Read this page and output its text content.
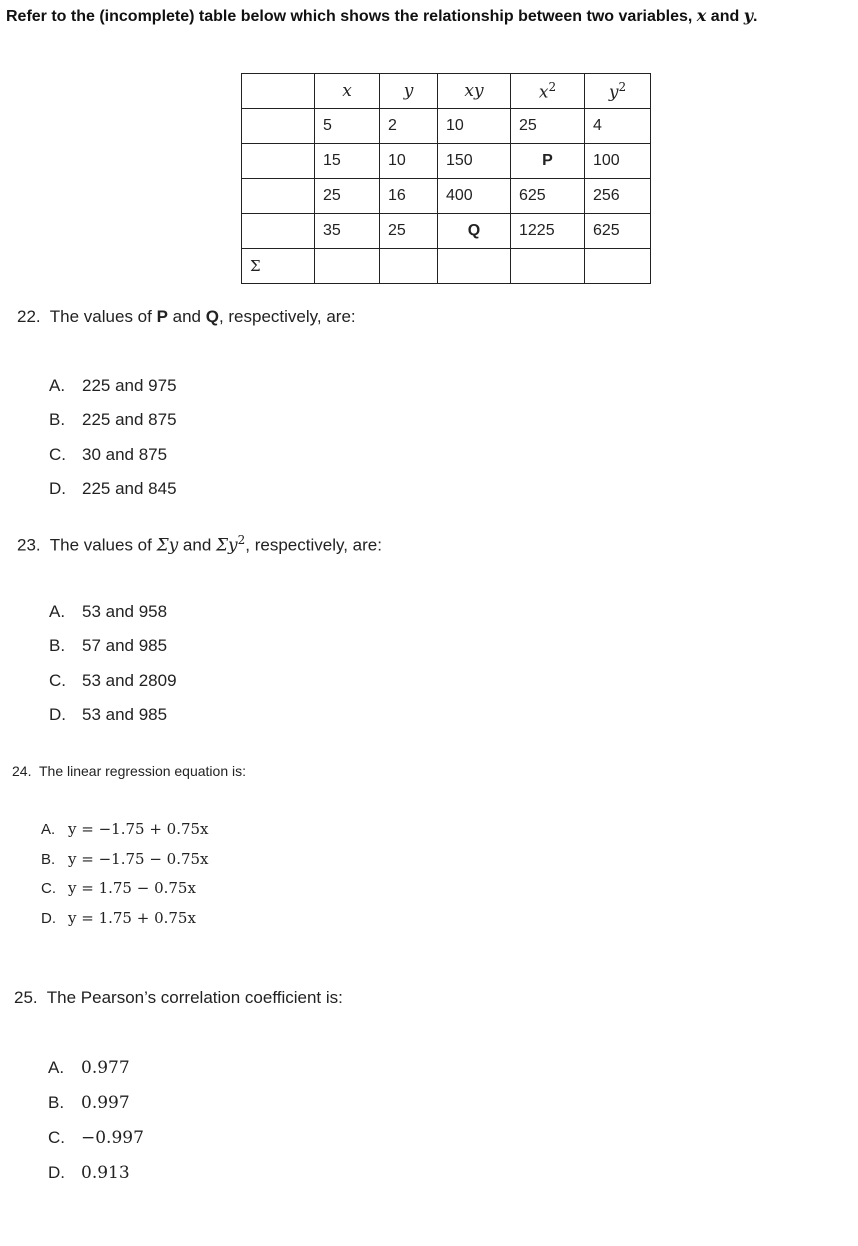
Refer to the (incomplete) table below which shows the relationship between two variables, x and y.
	x	y	xy	$x^2$	$y^2$
	5	2	10	25	4
	15	10	150	P	100
	25	16	400	625	256
	35	25	Q	1225	625
Σ					
22. The values of P and Q, respectively, are:
A. 225 and 975
B. 225 and 875
C. 30 and 875
D. 225 and 845
23. The values of Σy and $\Sigma y^2$, respectively, are:
A. 53 and 958
B. 57 and 985
C. 53 and 2809
D. 53 and 985
24. The linear regression equation is:
A. y = −1.75 + 0.75x
B. y = −1.75 − 0.75x
C. y = 1.75 − 0.75x
D. y = 1.75 + 0.75x
25. The Pearson’s correlation coefficient is:
A. 0.977
B. 0.997
C. −0.997
D. 0.913
